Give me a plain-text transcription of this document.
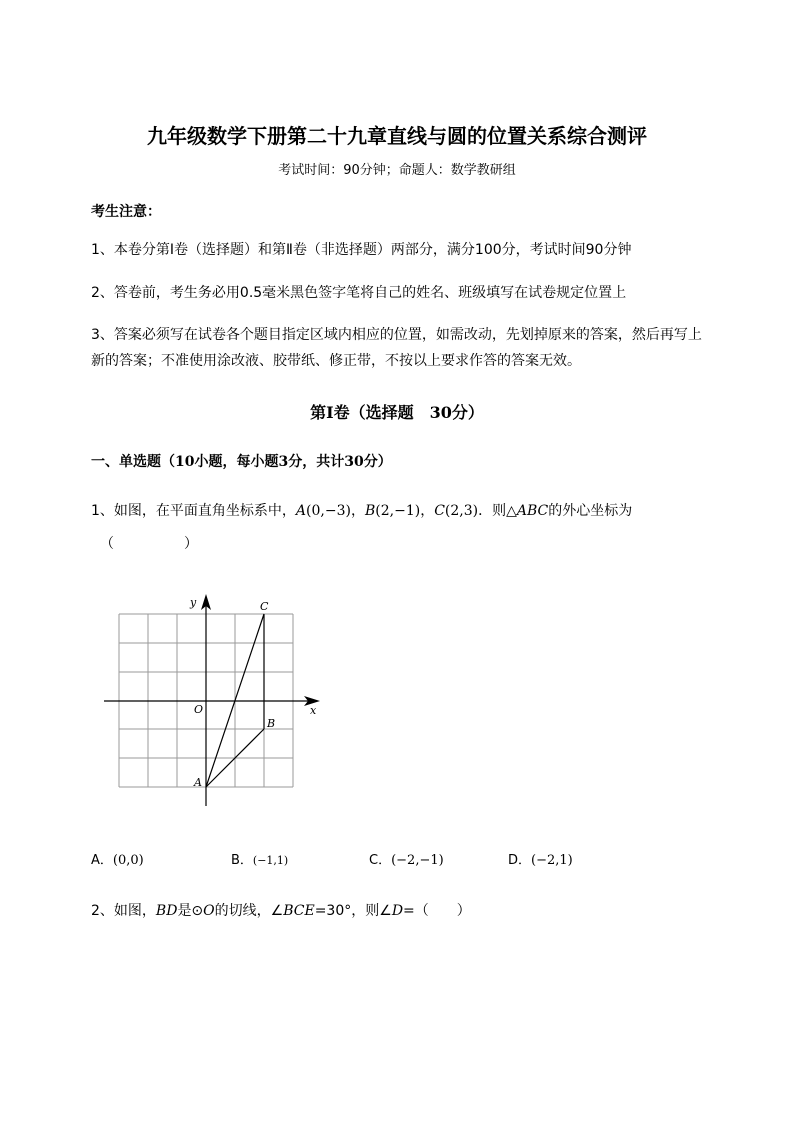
九年级数学下册第二十九章直线与圆的位置关系综合测评
考试时间：90分钟；命题人：数学教研组
考生注意：
1、本卷分第I卷（选择题）和第Ⅱ卷（非选择题）两部分，满分100分，考试时间90分钟
2、答卷前，考生务必用0.5毫米黑色签字笔将自己的姓名、班级填写在试卷规定位置上
3、答案必须写在试卷各个题目指定区域内相应的位置，如需改动，先划掉原来的答案，然后再写上新的答案；不准使用涂改液、胶带纸、修正带，不按以上要求作答的答案无效。
第I卷（选择题　30分）
一、单选题（10小题，每小题3分，共计30分）
1、如图，在平面直角坐标系中，A(0,−3)，B(2,−1)，C(2,3)．则△ABC的外心坐标为
（　　　　　）
y
x
O
A
B
C
A．(0,0)	B．(−1,1)	C．(−2,−1)	D．(−2,1)
2、如图，BD是⊙O的切线，∠BCE=30°，则∠D=（　　）
